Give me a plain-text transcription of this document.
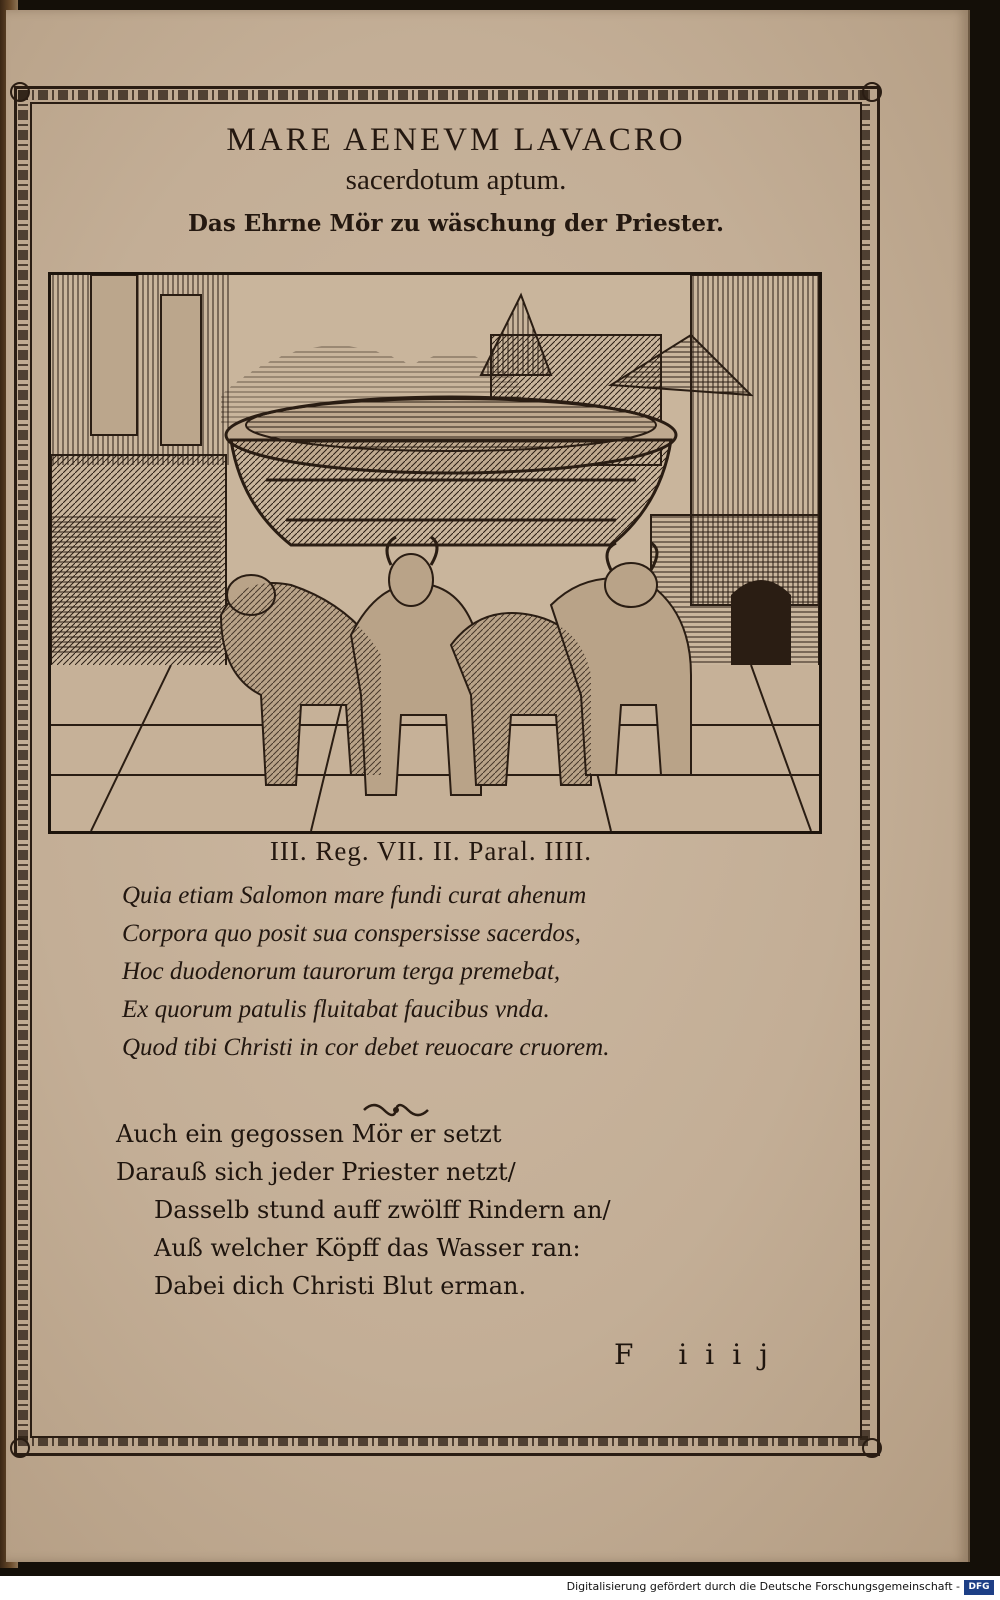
MARE AENEVM LAVACRO
sacerdotum aptum.
Das Ehrne Mör zu wäschung der Priester.
III. Reg. VII. II. Paral. IIII.
Quia etiam Salomon mare fundi curat ahenum
Corpora quo posit sua conspersisse sacerdos,
Hoc duodenorum taurorum terga premebat,
Ex quorum patulis fluitabat faucibus vnda.
Quod tibi Christi in cor debet reuocare cruorem.
Auch ein gegossen Mör er setzt
Darauß sich jeder Priester netzt/
Dasselb stund auff zwölff Rindern an/
Auß welcher Köpff das Wasser ran:
Dabei dich Christi Blut erman.
F iiij
Digitalisierung gefördert durch die Deutsche Forschungsgemeinschaft - DFG
